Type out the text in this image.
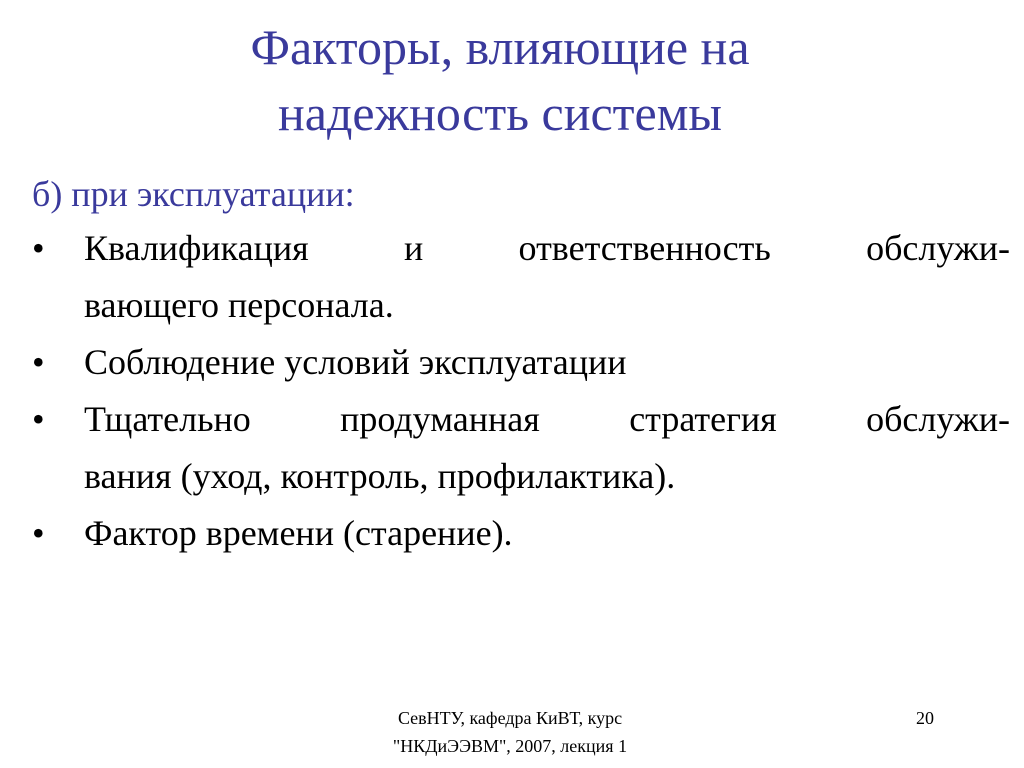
Факторы, влияющие на
надежность системы
б) при эксплуатации:
•	Квалификация и ответственность обслужи-
вающего персонала.
•	Соблюдение условий эксплуатации
•	Тщательно продуманная стратегия обслужи-
вания (уход, контроль, профилактика).
•	Фактор времени (старение).
СевНТУ, кафедра КиВТ, курс
"НКДиЭЭВМ", 2007, лекция 1
20
